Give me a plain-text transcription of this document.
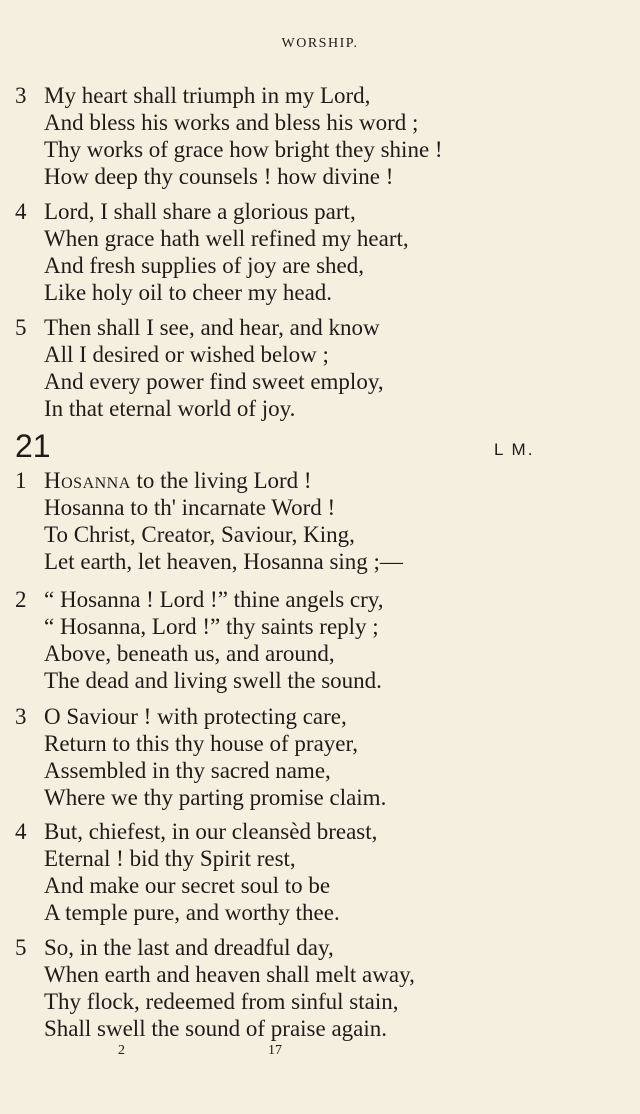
WORSHIP.
3 My heart shall triumph in my Lord,
And bless his works and bless his word ;
Thy works of grace how bright they shine !
How deep thy counsels ! how divine !
4 Lord, I shall share a glorious part,
When grace hath well refined my heart,
And fresh supplies of joy are shed,
Like holy oil to cheer my head.
5 Then shall I see, and hear, and know
All I desired or wished below ;
And every power find sweet employ,
In that eternal world of joy.
21	L M.
1 Hosanna to the living Lord !
Hosanna to th' incarnate Word !
To Christ, Creator, Saviour, King,
Let earth, let heaven, Hosanna sing ;—
2 “ Hosanna ! Lord !” thine angels cry,
“ Hosanna, Lord !” thy saints reply ;
Above, beneath us, and around,
The dead and living swell the sound.
3 O Saviour ! with protecting care,
Return to this thy house of prayer,
Assembled in thy sacred name,
Where we thy parting promise claim.
4 But, chiefest, in our cleansèd breast,
Eternal ! bid thy Spirit rest,
And make our secret soul to be
A temple pure, and worthy thee.
5 So, in the last and dreadful day,
When earth and heaven shall melt away,
Thy flock, redeemed from sinful stain,
Shall swell the sound of praise again.
2	17
